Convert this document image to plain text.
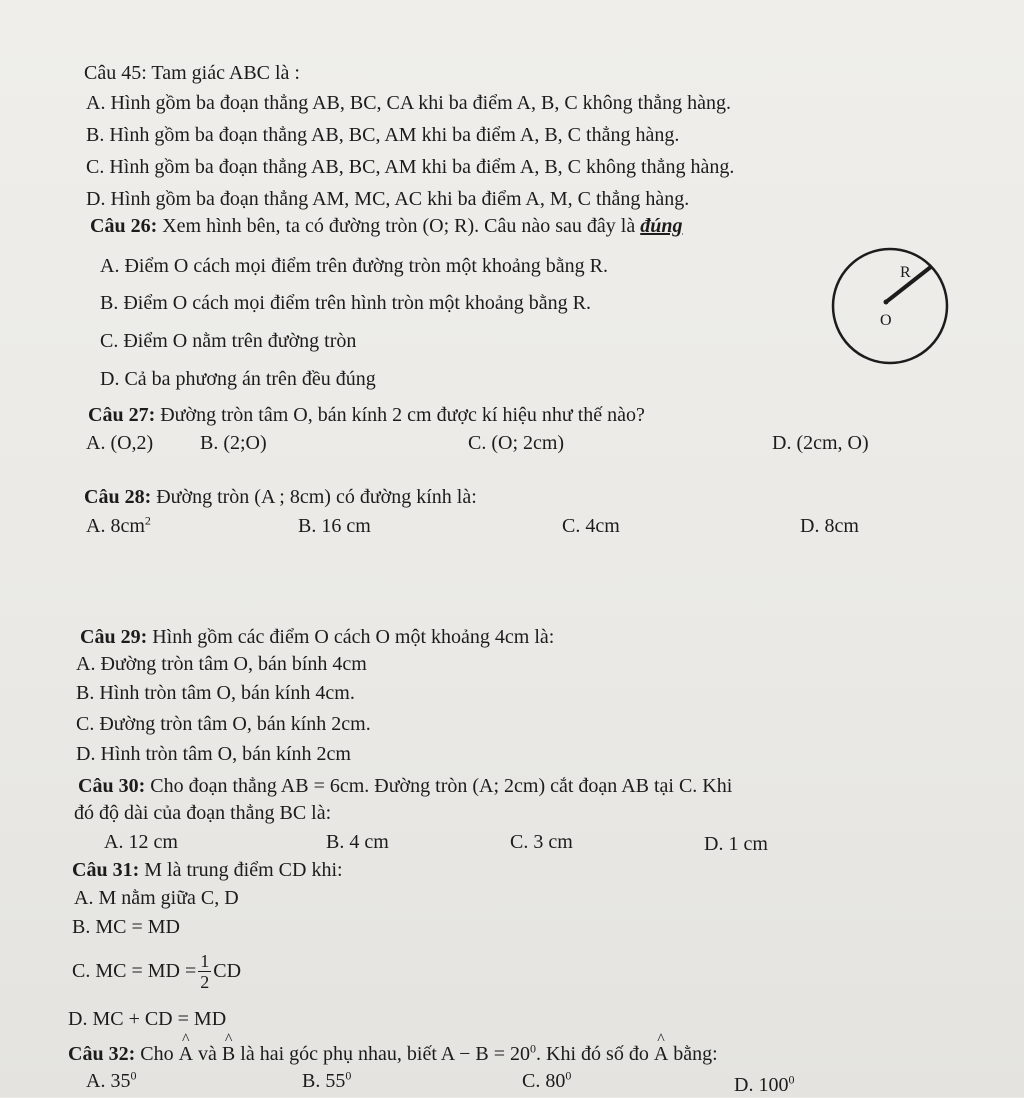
Câu 45: Tam giác ABC là :
A. Hình gồm ba đoạn thẳng AB, BC, CA khi ba điểm A, B, C không thẳng hàng.
B. Hình gồm ba đoạn thẳng AB, BC, AM khi ba điểm A, B, C thẳng hàng.
C. Hình gồm ba đoạn thẳng AB, BC, AM khi ba điểm A, B, C không thẳng hàng.
D. Hình gồm ba đoạn thẳng AM, MC, AC khi ba điểm A, M, C thẳng hàng.
Câu 26: Xem hình bên, ta có đường tròn (O; R). Câu nào sau đây là đúng
A. Điểm O cách mọi điểm trên đường tròn một khoảng bằng R.
B. Điểm O cách mọi điểm trên hình tròn một khoảng bằng R.
C. Điểm O nằm trên đường tròn
D. Cả ba phương án trên đều đúng
R
O
Câu 27: Đường tròn tâm O, bán kính 2 cm được kí hiệu như thế nào?
A. (O,2) B. (2;O)	C. (O; 2cm)	D. (2cm, O)
Câu 28: Đường tròn (A ; 8cm) có đường kính là:
A. $8cm^2$	B. 16 cm	C. 4cm	D. 8cm
Câu 29: Hình gồm các điểm O cách O một khoảng 4cm là:
A. Đường tròn tâm O, bán bính 4cm
B. Hình tròn tâm O, bán kính 4cm.
C. Đường tròn tâm O, bán kính 2cm.
D. Hình tròn tâm O, bán kính 2cm
Câu 30: Cho đoạn thẳng AB = 6cm. Đường tròn (A; 2cm) cắt đoạn AB tại C. Khi
đó độ dài của đoạn thẳng BC là:
A. 12 cm	B. 4 cm	C. 3 cm	D. 1 cm
Câu 31: M là trung điểm CD khi:
A. M nằm giữa C, D
B. MC = MD
C. MC = MD = $\frac{1}{2}$ CD
D. MC + CD = MD
Câu 32: Cho ^ A và ^ B là hai góc phụ nhau, biết $A - B = 20^0$. Khi đó số đo ^ A bằng:
A. $35^0$	B. $55^0$	C. $80^0$	D. $100^0$
